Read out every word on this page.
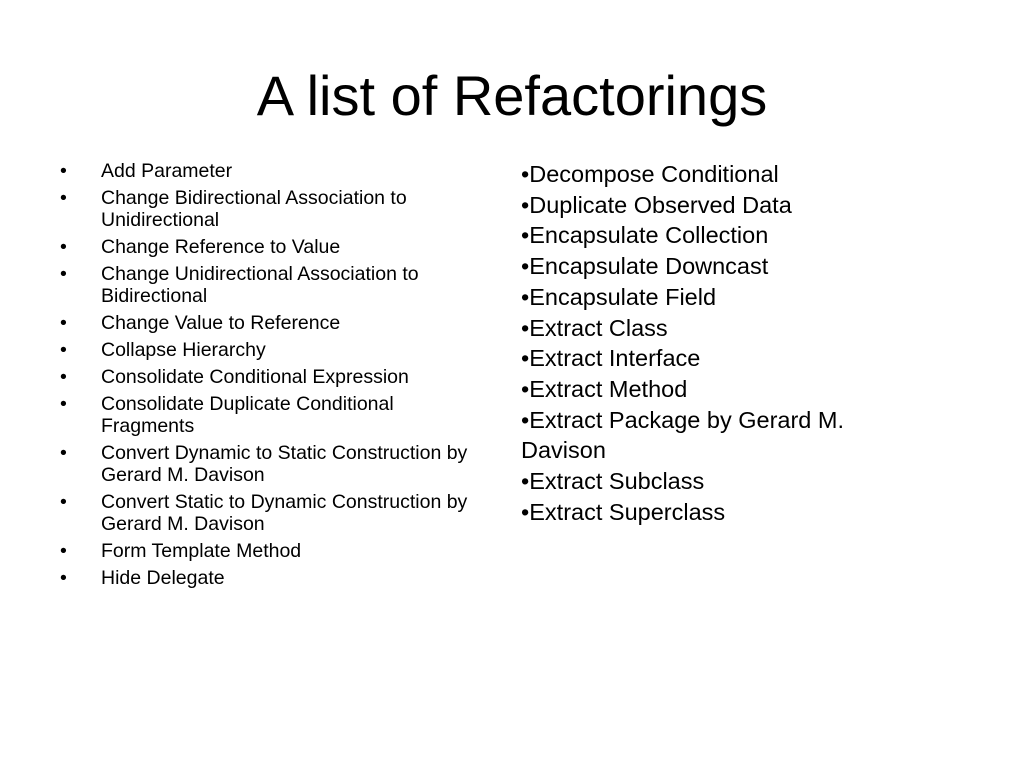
A list of Refactorings
• Add Parameter
• Change Bidirectional Association to Unidirectional
• Change Reference to Value
• Change Unidirectional Association to Bidirectional
• Change Value to Reference
• Collapse Hierarchy
• Consolidate Conditional Expression
• Consolidate Duplicate Conditional Fragments
• Convert Dynamic to Static Construction by Gerard M. Davison
• Convert Static to Dynamic Construction by Gerard M. Davison
• Form Template Method
• Hide Delegate
•Decompose Conditional
•Duplicate Observed Data
•Encapsulate Collection
•Encapsulate Downcast
•Encapsulate Field
•Extract Class
•Extract Interface
•Extract Method
•Extract Package by Gerard M. Davison
•Extract Subclass
•Extract Superclass
